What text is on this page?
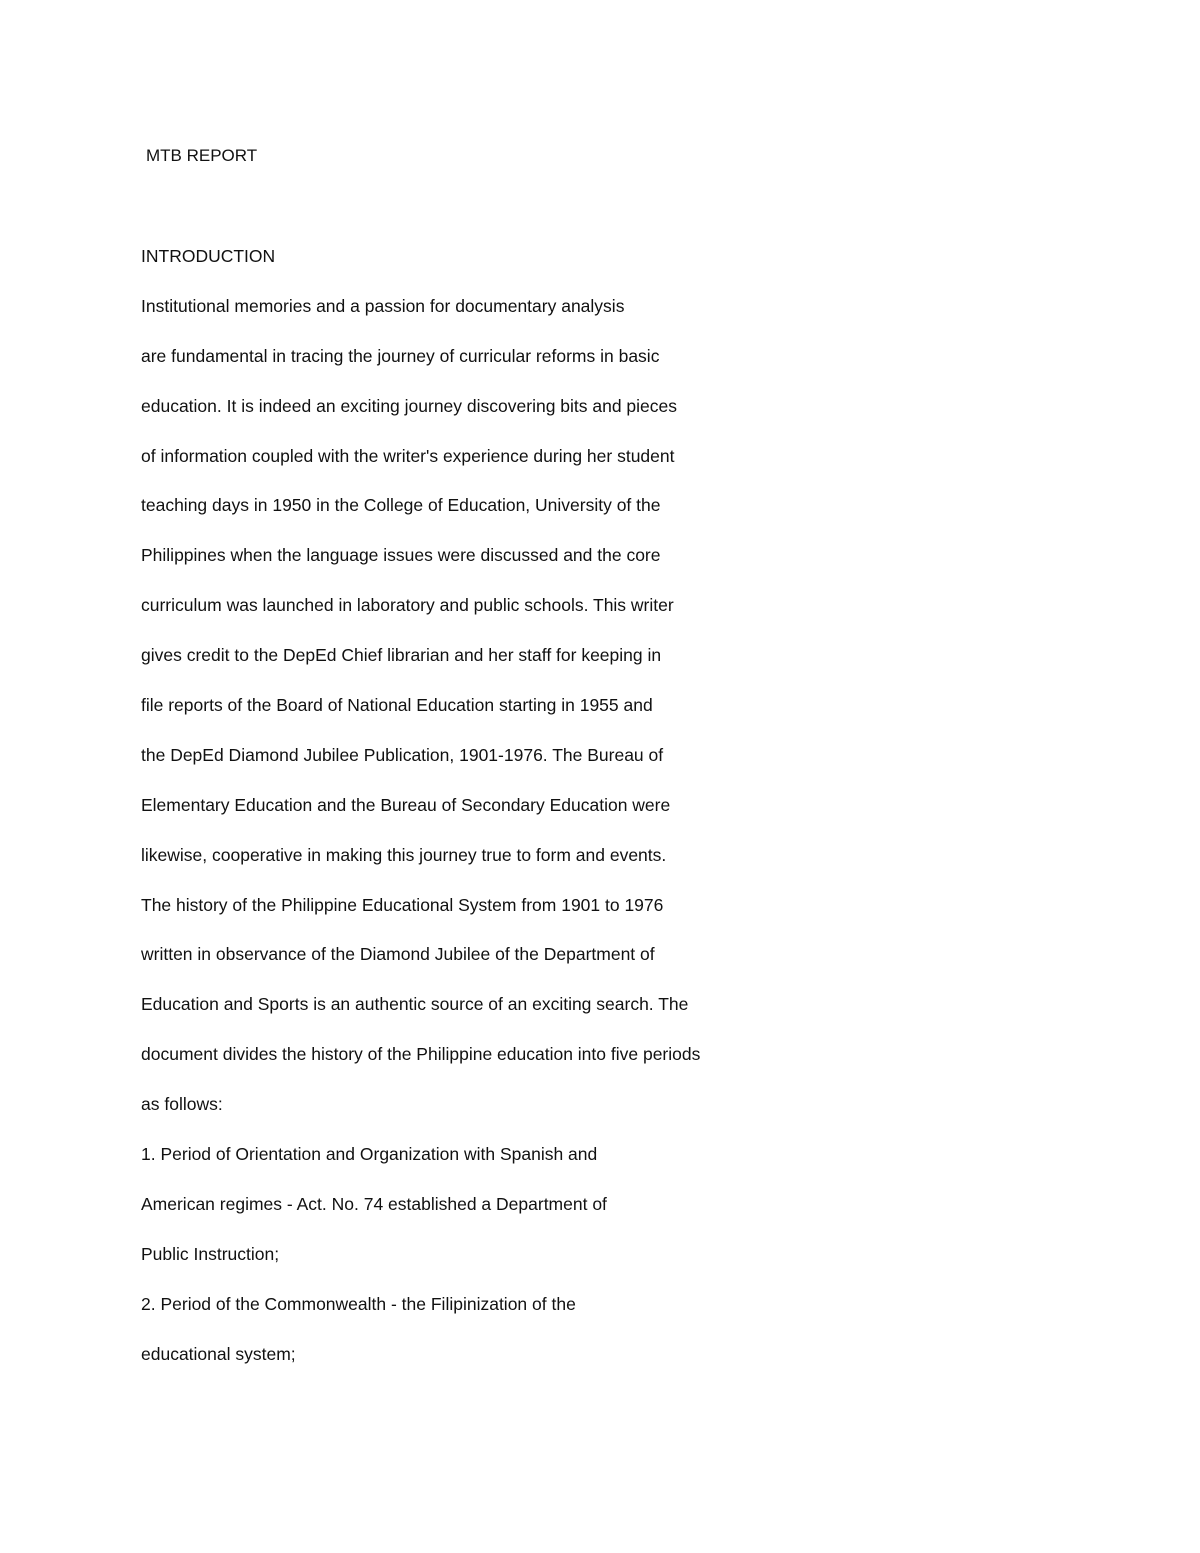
MTB REPORT
INTRODUCTION
Institutional memories and a passion for documentary analysis
are fundamental in tracing the journey of curricular reforms in basic
education. It is indeed an exciting journey discovering bits and pieces
of information coupled with the writer's experience during her student
teaching days in 1950 in the College of Education, University of the
Philippines when the language issues were discussed and the core
curriculum was launched in laboratory and public schools. This writer
gives credit to the DepEd Chief librarian and her staff for keeping in
file reports of the Board of National Education starting in 1955 and
the DepEd Diamond Jubilee Publication, 1901-1976. The Bureau of
Elementary Education and the Bureau of Secondary Education were
likewise, cooperative in making this journey true to form and events.
The history of the Philippine Educational System from 1901 to 1976
written in observance of the Diamond Jubilee of the Department of
Education and Sports is an authentic source of an exciting search. The
document divides the history of the Philippine education into five periods
as follows:
1. Period of Orientation and Organization with Spanish and
American regimes - Act. No. 74 established a Department of
Public Instruction;
2. Period of the Commonwealth - the Filipinization of the
educational system;
